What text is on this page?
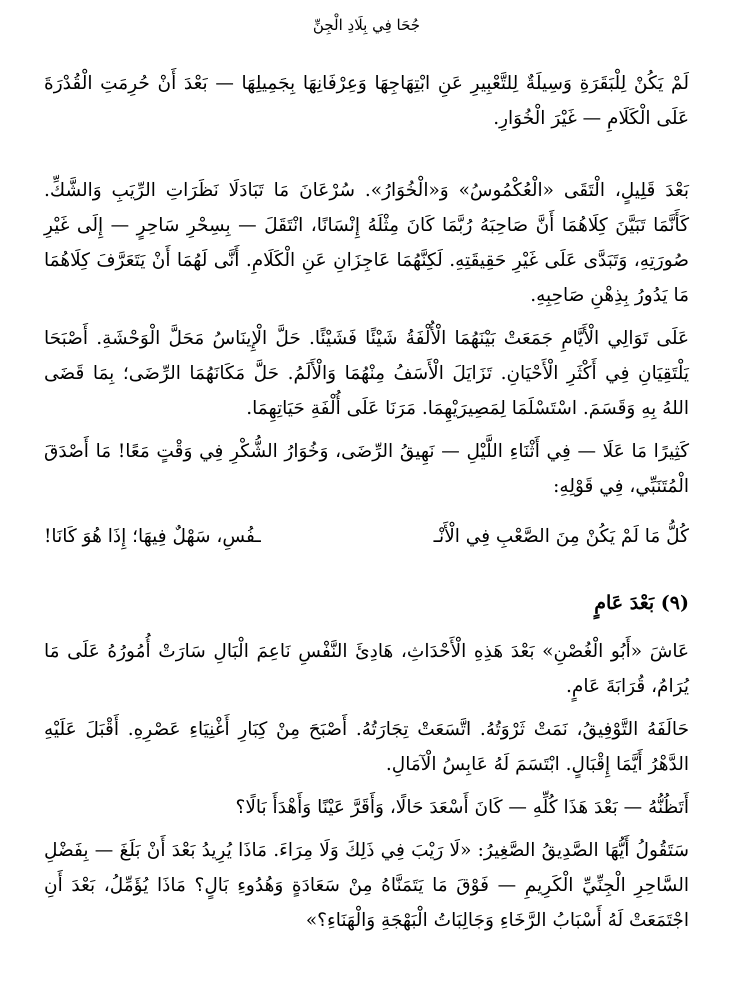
جُحَا فِي بِلَادِ الْجِنِّ

لَمْ يَكُنْ لِلْبَقَرَةِ وَسِيلَةٌ لِلتَّعْبِيرِ عَنِ ابْتِهَاجِهَا وَعِرْفَانِهَا بِجَمِيلِهَا — بَعْدَ أَنْ حُرِمَتِ الْقُدْرَةَ عَلَى الْكَلَامِ — غَيْرَ الْخُوَارِ.

بَعْدَ قَلِيلٍ، الْتَقَى «الْعُكْمُوسُ» وَ«الْخُوَارُ». سُرْعَانَ مَا تَبَادَلَا نَظَرَاتِ الرِّيَبِ وَالشَّكِّ. كَأَنَّمَا تَبَيَّنَ كِلَاهُمَا أَنَّ صَاحِبَهُ رُبَّمَا كَانَ مِثْلَهُ إِنْسَانًا، انْتَقَلَ — بِسِحْرِ سَاحِرٍ — إِلَى غَيْرِ صُورَتِهِ، وَتَبَدَّى عَلَى غَيْرِ حَقِيقَتِهِ. لَكِنَّهُمَا عَاجِزَانِ عَنِ الْكَلَامِ. أَنَّى لَهُمَا أَنْ يَتَعَرَّفَ كِلَاهُمَا مَا يَدُورُ بِذِهْنِ صَاحِبِهِ.

عَلَى تَوَالِي الْأَيَّامِ جَمَعَتْ بَيْنَهُمَا الْأُلْفَةُ شَيْئًا فَشَيْئًا. حَلَّ الْإِينَاسُ مَحَلَّ الْوَحْشَةِ. أَصْبَحَا يَلْتَقِيَانِ فِي أَكْثَرِ الْأَحْيَانِ. تَزَايَلَ الْأَسَفُ مِنْهُمَا وَالْأَلَمُ. حَلَّ مَكَانَهُمَا الرِّضَى؛ بِمَا قَضَى اللهُ بِهِ وَقَسَمَ. اسْتَسْلَمَا لِمَصِيرَيْهِمَا. مَرَنَا عَلَى أُلْفَةِ حَيَاتِهِمَا.

كَثِيرًا مَا عَلَا — فِي أَثْنَاءِ اللَّيْلِ — نَهِيقُ الرِّضَى، وَخُوَارُ الشُّكْرِ فِي وَقْتٍ مَعًا! مَا أَصْدَقَ الْمُتَنَبِّي، فِي قَوْلِهِ:

كُلُّ مَا لَمْ يَكُنْ مِنَ الصَّعْبِ فِي الْأَنْـ
ـفُسِ، سَهْلٌ فِيهَا؛ إِذَا هُوَ كَانَا!
(٩) بَعْدَ عَامٍ

عَاشَ «أَبُو الْغُصْنِ» بَعْدَ هَذِهِ الْأَحْدَاثِ، هَادِئَ النَّفْسِ نَاعِمَ الْبَالِ سَارَتْ أُمُورُهُ عَلَى مَا يُرَامُ، قُرَابَةَ عَامٍ.

حَالَفَهُ التَّوْفِيقُ، نَمَتْ ثَرْوَتُهُ. اتَّسَعَتْ تِجَارَتُهُ. أَصْبَحَ مِنْ كِبَارِ أَغْنِيَاءِ عَصْرِهِ. أَقْبَلَ عَلَيْهِ الدَّهْرُ أَيَّمَا إِقْبَالٍ. ابْتَسَمَ لَهُ عَابِسُ الْآمَالِ.

أَتَظُنُّهُ — بَعْدَ هَذَا كُلِّهِ — كَانَ أَسْعَدَ حَالًا، وَأَقَرَّ عَيْنًا وَأَهْدَأَ بَالًا؟

سَتَقُولُ أَيُّهَا الصَّدِيقُ الصَّغِيرُ: «لَا رَيْبَ فِي ذَلِكَ وَلَا مِرَاءَ. مَاذَا يُرِيدُ بَعْدَ أَنْ بَلَغَ — بِفَضْلِ السَّاحِرِ الْجِنِّيِّ الْكَرِيمِ — فَوْقَ مَا يَتَمَنَّاهُ مِنْ سَعَادَةٍ وَهُدُوءِ بَالٍ؟ مَاذَا يُؤَمِّلُ، بَعْدَ أَنِ اجْتَمَعَتْ لَهُ أَسْبَابُ الرَّخَاءِ وَجَالِبَاتُ الْبَهْجَةِ وَالْهَنَاءِ؟»
